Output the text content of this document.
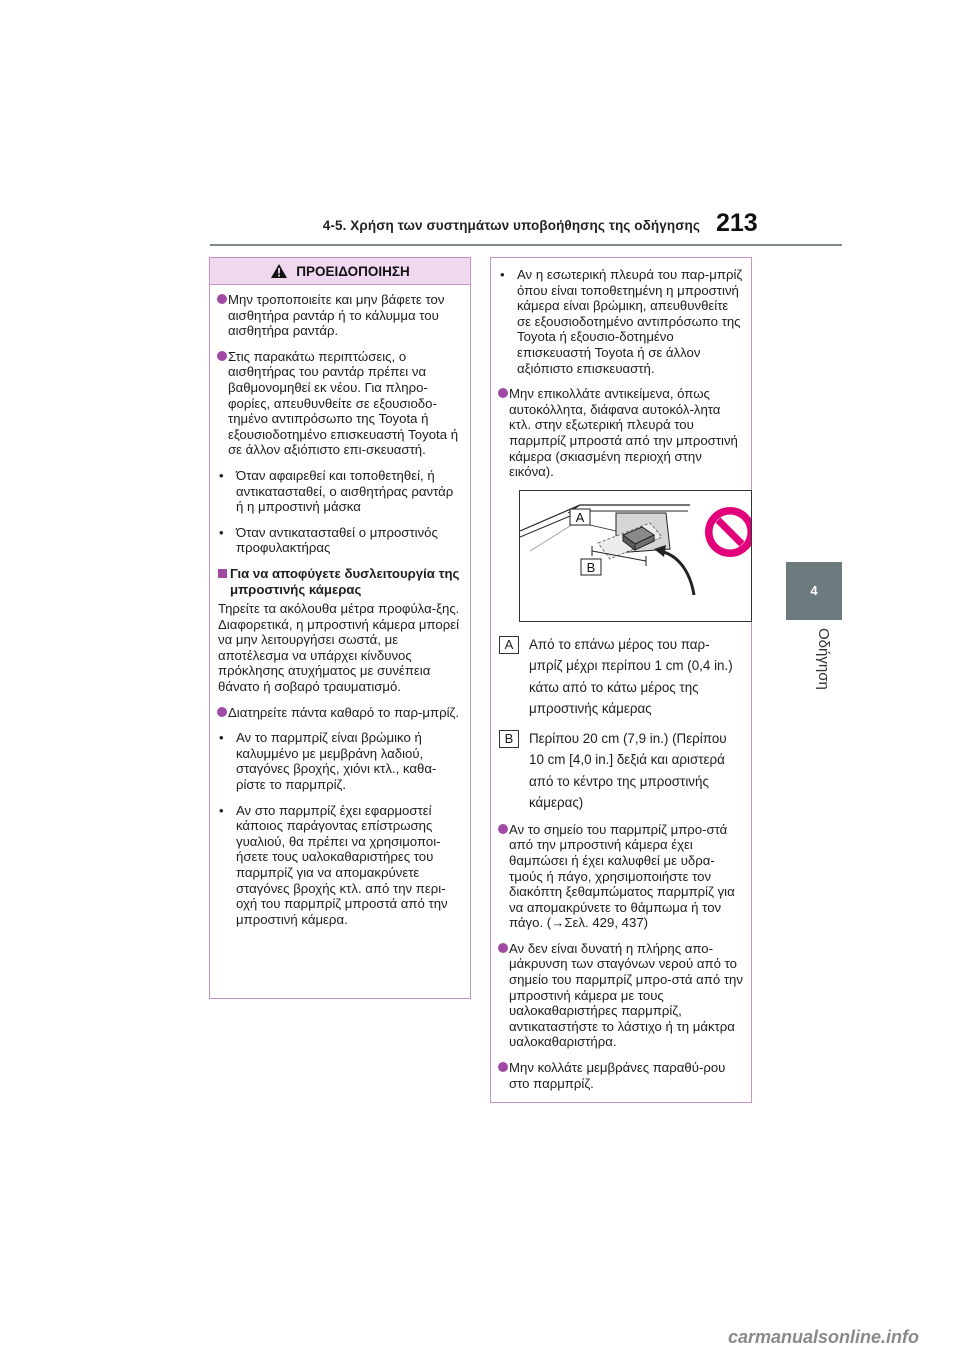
4-5. Χρήση των συστημάτων υποβοήθησης της οδήγησης 213
4
Οδήγηση
ΠΡΟΕΙΔΟΠΟΙΗΣΗ
Μην τροποποιείτε και μην βάφετε τον αισθητήρα ραντάρ ή το κάλυμμα του αισθητήρα ραντάρ.
Στις παρακάτω περιπτώσεις, ο αισθητήρας του ραντάρ πρέπει να βαθμονομηθεί εκ νέου. Για πληρο-φορίες, απευθυνθείτε σε εξουσιοδο-τημένο αντιπρόσωπο της Toyota ή εξουσιοδοτημένο επισκευαστή Toyota ή σε άλλον αξιόπιστο επι-σκευαστή.
• Όταν αφαιρεθεί και τοποθετηθεί, ή αντικατασταθεί, ο αισθητήρας ραντάρ ή η μπροστινή μάσκα
• Όταν αντικατασταθεί ο μπροστινός προφυλακτήρας
Για να αποφύγετε δυσλειτουργία της μπροστινής κάμερας

Τηρείτε τα ακόλουθα μέτρα προφύλα-ξης.

Διαφορετικά, η μπροστινή κάμερα μπορεί να μην λειτουργήσει σωστά, με αποτέλεσμα να υπάρχει κίνδυνος πρόκλησης ατυχήματος με συνέπεια θάνατο ή σοβαρό τραυματισμό.

Διατηρείτε πάντα καθαρό το παρ-μπρίζ.
• Αν το παρμπρίζ είναι βρώμικο ή καλυμμένο με μεμβράνη λαδιού, σταγόνες βροχής, χιόνι κτλ., καθα-ρίστε το παρμπρίζ.
• Αν στο παρμπρίζ έχει εφαρμοστεί κάποιος παράγοντας επίστρωσης γυαλιού, θα πρέπει να χρησιμοποι-ήσετε τους υαλοκαθαριστήρες του παρμπρίζ για να απομακρύνετε σταγόνες βροχής κτλ. από την περι-οχή του παρμπρίζ μπροστά από την μπροστινή κάμερα.
• Αν η εσωτερική πλευρά του παρ-μπρίζ όπου είναι τοποθετημένη η μπροστινή κάμερα είναι βρώμικη, απευθυνθείτε σε εξουσιοδοτημένο αντιπρόσωπο της Toyota ή εξουσιο-δοτημένο επισκευαστή Toyota ή σε άλλον αξιόπιστο επισκευαστή.
Μην επικολλάτε αντικείμενα, όπως αυτοκόλλητα, διάφανα αυτοκόλ-λητα κτλ. στην εξωτερική πλευρά του παρμπρίζ μπροστά από την μπροστινή κάμερα (σκιασμένη περιοχή στην εικόνα).
A
B
A	Από το επάνω μέρος του παρ-μπρίζ μέχρι περίπου 1 cm (0,4 in.) κάτω από το κάτω μέρος της μπροστινής κάμερας
B	Περίπου 20 cm (7,9 in.) (Περίπου 10 cm [4,0 in.] δεξιά και αριστερά από το κέντρο της μπροστινής κάμερας)
Αν το σημείο του παρμπρίζ μπρο-στά από την μπροστινή κάμερα έχει θαμπώσει ή έχει καλυφθεί με υδρα-τμούς ή πάγο, χρησιμοποιήστε τον διακόπτη ξεθαμπώματος παρμπρίζ για να απομακρύνετε το θάμπωμα ή τον πάγο. (→Σελ. 429, 437)
Αν δεν είναι δυνατή η πλήρης απο-μάκρυνση των σταγόνων νερού από το σημείο του παρμπρίζ μπρο-στά από την μπροστινή κάμερα με τους υαλοκαθαριστήρες παρμπρίζ, αντικαταστήστε το λάστιχο ή τη μάκτρα υαλοκαθαριστήρα.
Μην κολλάτε μεμβράνες παραθύ-ρου στο παρμπρίζ.
carmanualsonline.info
